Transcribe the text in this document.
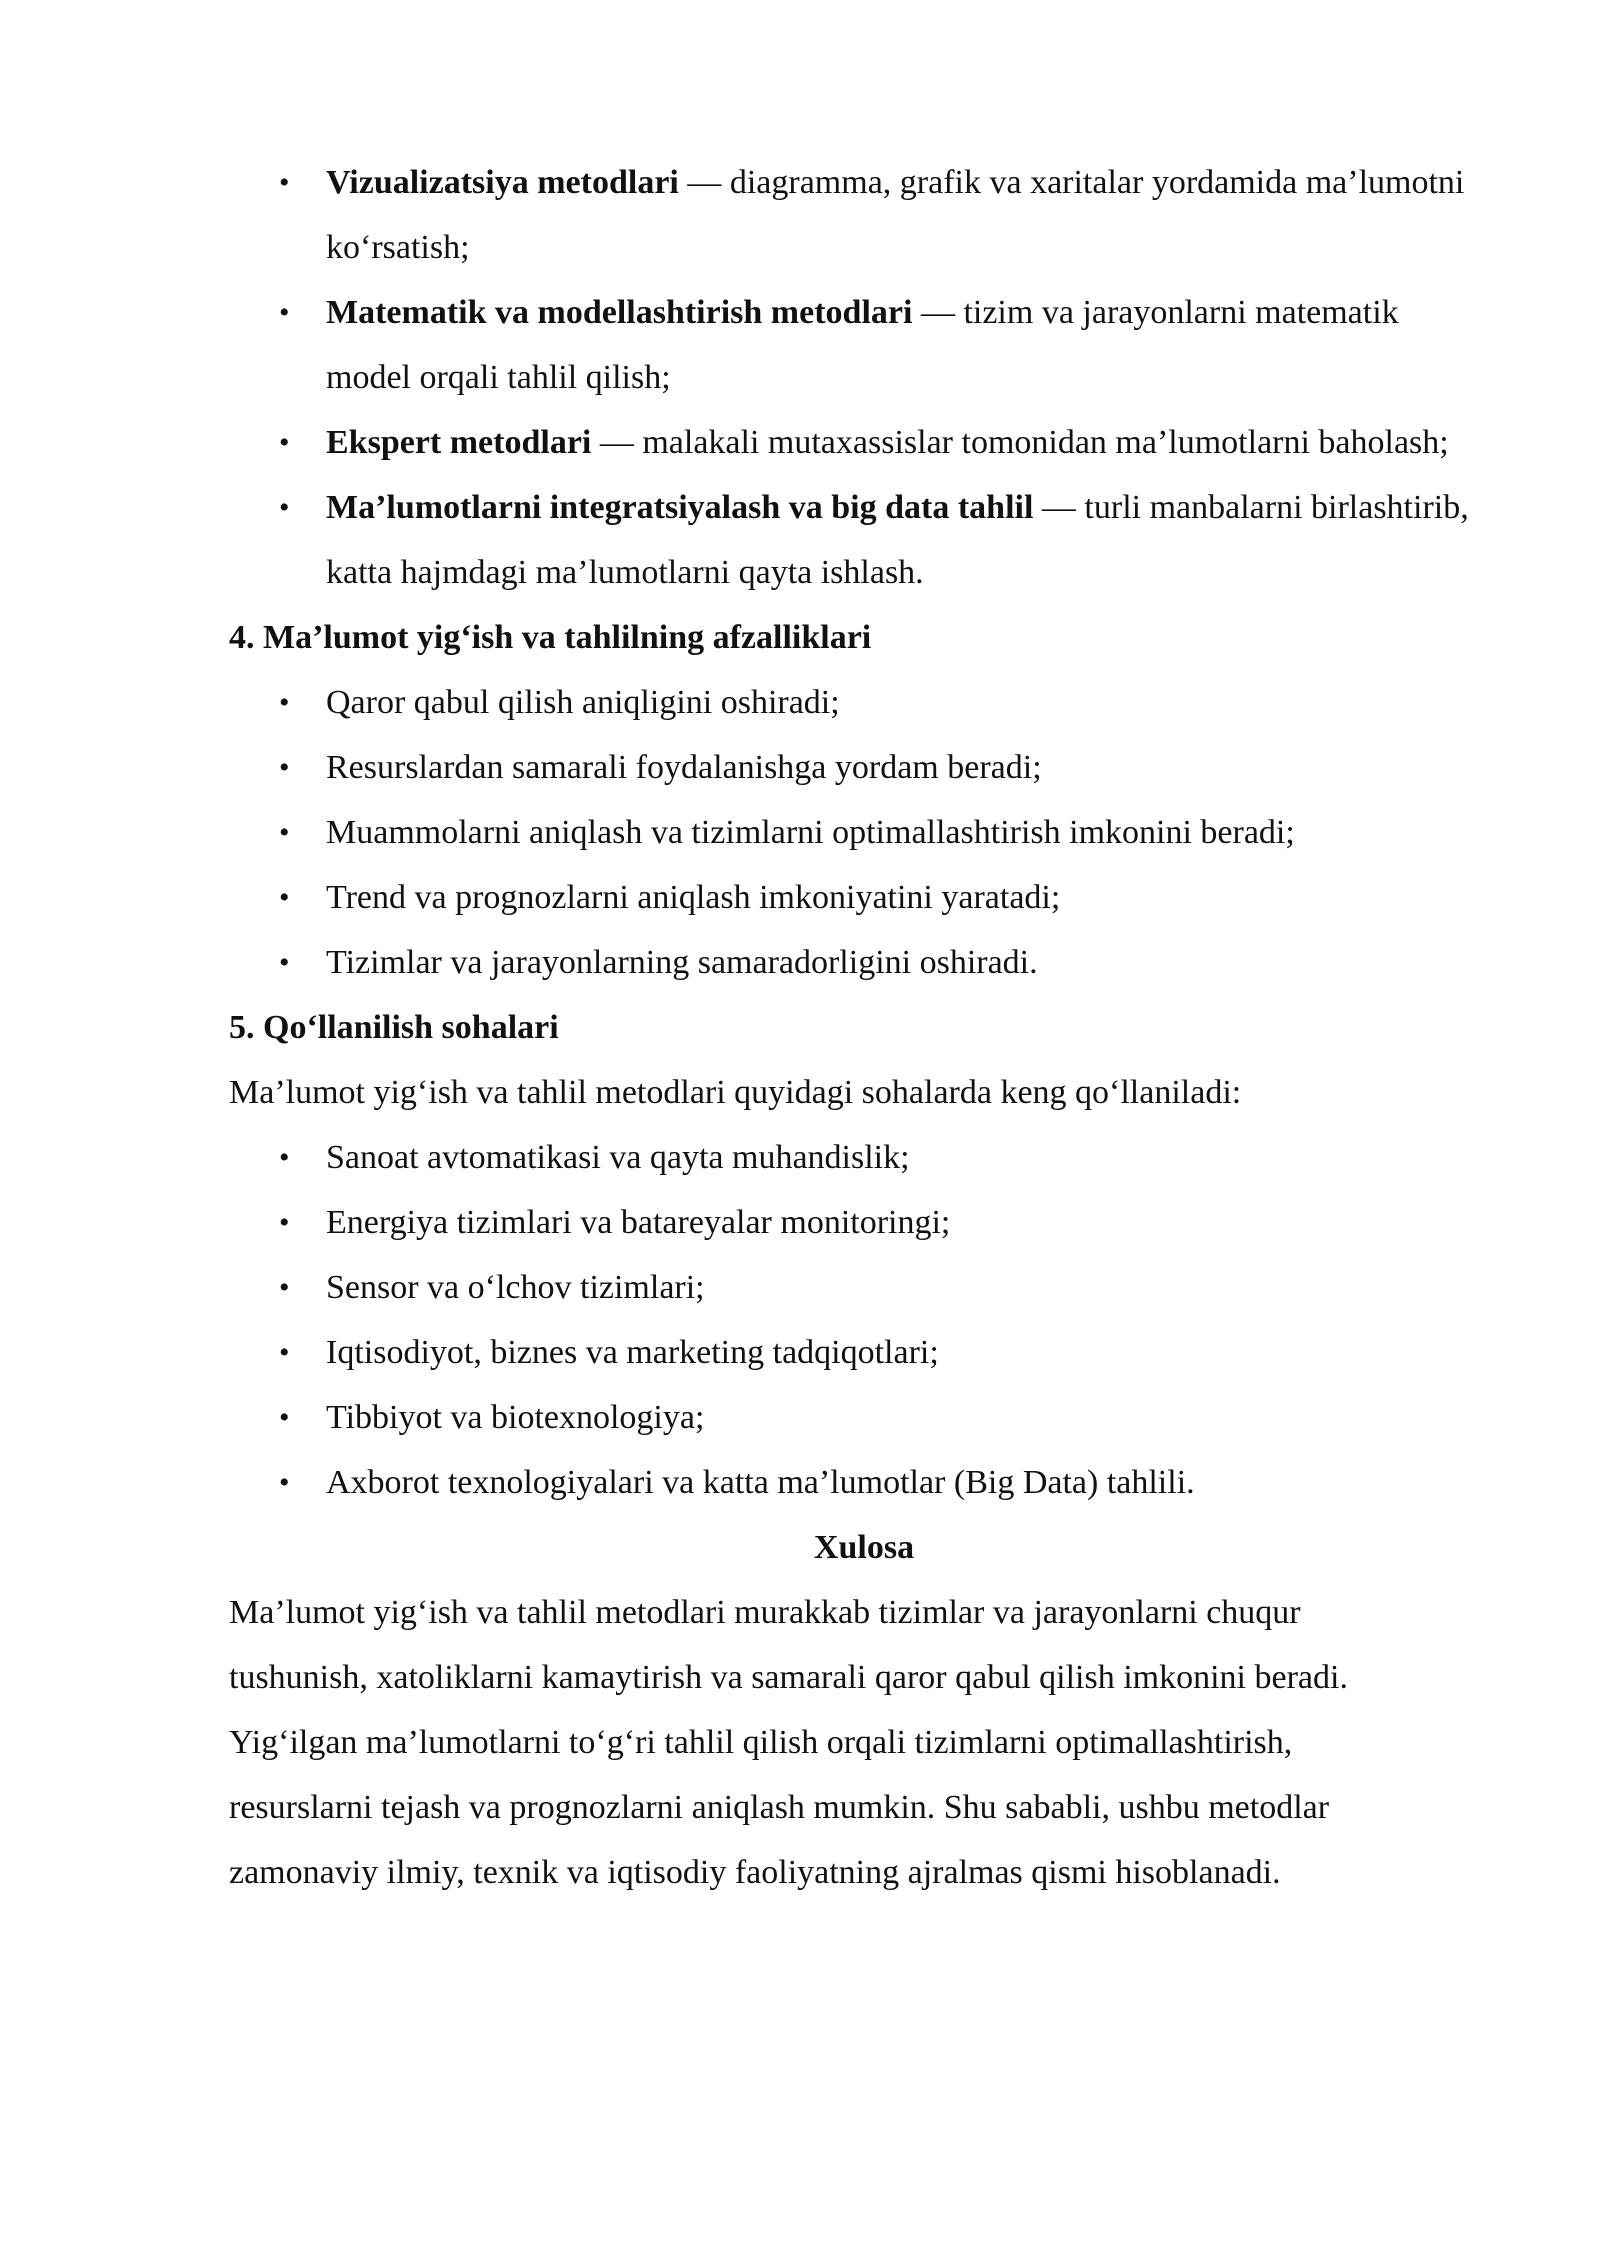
• Vizualizatsiya metodlari — diagramma, grafik va xaritalar yordamida ma’lumotni ko‘rsatish;
• Matematik va modellashtirish metodlari — tizim va jarayonlarni matematik model orqali tahlil qilish;
• Ekspert metodlari — malakali mutaxassislar tomonidan ma’lumotlarni baholash;
• Ma’lumotlarni integratsiyalash va big data tahlil — turli manbalarni birlashtirib, katta hajmdagi ma’lumotlarni qayta ishlash.
4. Ma’lumot yig‘ish va tahlilning afzalliklari
• Qaror qabul qilish aniqligini oshiradi;
• Resurslardan samarali foydalanishga yordam beradi;
• Muammolarni aniqlash va tizimlarni optimallashtirish imkonini beradi;
• Trend va prognozlarni aniqlash imkoniyatini yaratadi;
• Tizimlar va jarayonlarning samaradorligini oshiradi.
5. Qo‘llanilish sohalari

Ma’lumot yig‘ish va tahlil metodlari quyidagi sohalarda keng qo‘llaniladi:

• Sanoat avtomatikasi va qayta muhandislik;
• Energiya tizimlari va batareyalar monitoringi;
• Sensor va o‘lchov tizimlari;
• Iqtisodiyot, biznes va marketing tadqiqotlari;
• Tibbiyot va biotexnologiya;
• Axborot texnologiyalari va katta ma’lumotlar (Big Data) tahlili.
Xulosa

Ma’lumot yig‘ish va tahlil metodlari murakkab tizimlar va jarayonlarni chuqur

tushunish, xatoliklarni kamaytirish va samarali qaror qabul qilish imkonini beradi.

Yig‘ilgan ma’lumotlarni to‘g‘ri tahlil qilish orqali tizimlarni optimallashtirish,

resurslarni tejash va prognozlarni aniqlash mumkin. Shu sababli, ushbu metodlar

zamonaviy ilmiy, texnik va iqtisodiy faoliyatning ajralmas qismi hisoblanadi.
